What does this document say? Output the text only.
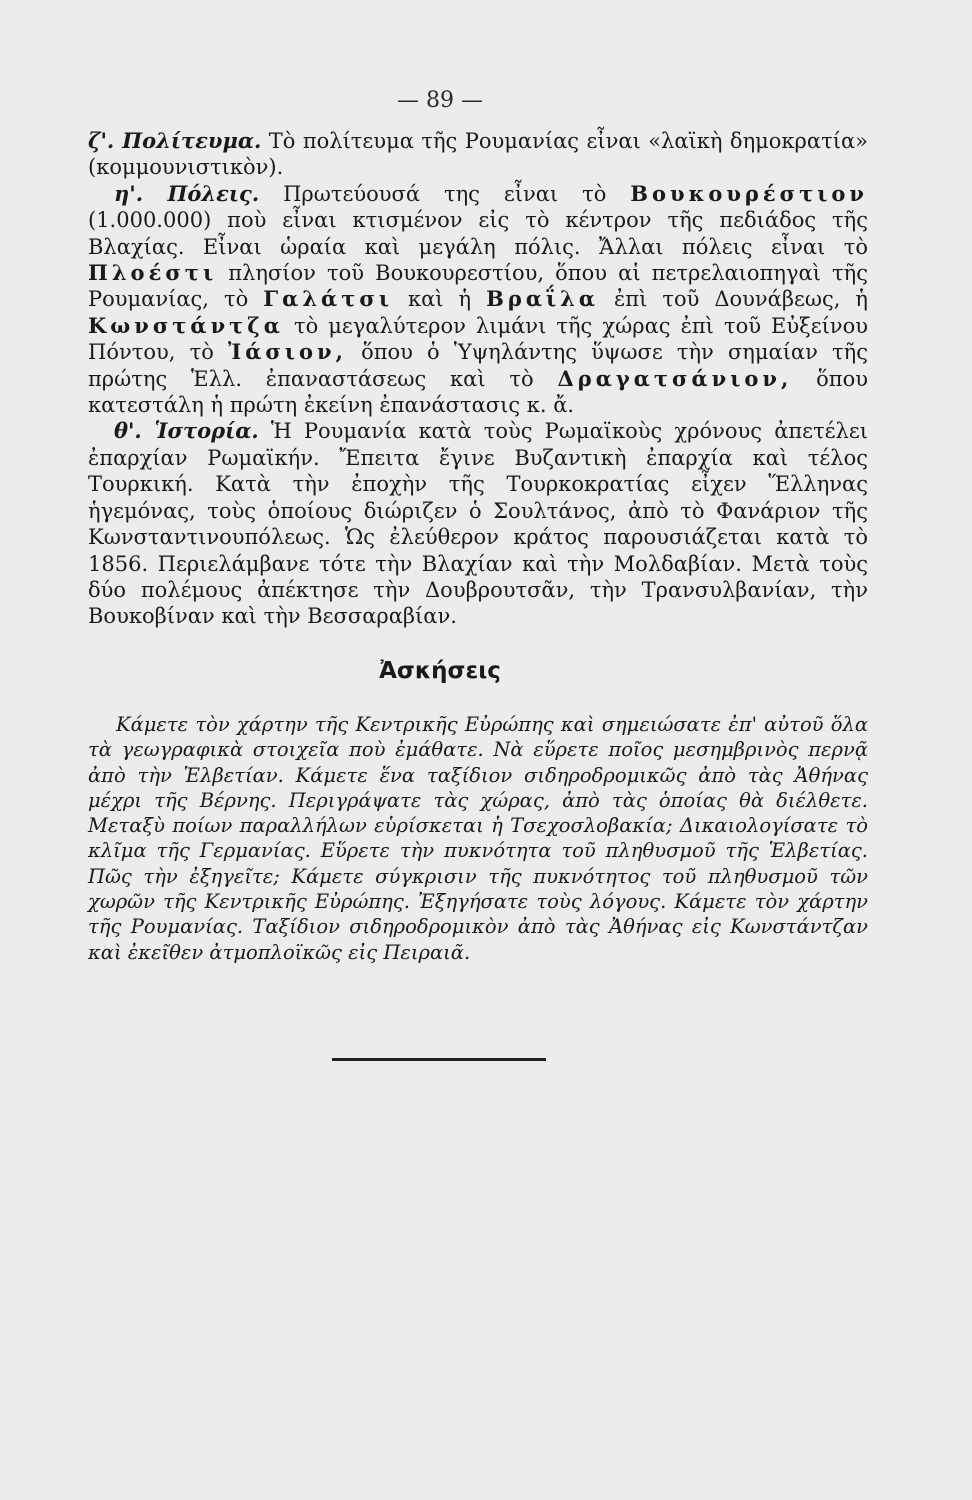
— 89 —

ζ'. Πολίτευμα. Τὸ πολίτευμα τῆς Ρουμανίας εἶναι «λαϊκὴ δημοκρατία» (κομμουνιστικὸν).

η'. Πόλεις. Πρωτεύουσά της εἶναι τὸ Βουκουρέστιον (1.000.000) ποὺ εἶναι κτισμένον εἰς τὸ κέντρον τῆς πεδιάδος τῆς Βλαχίας. Εἶναι ὡραία καὶ μεγάλη πόλις. Ἄλλαι πόλεις εἶναι τὸ Πλοέστι πλησίον τοῦ Βουκουρεστίου, ὅπου αἱ πετρελαιοπηγαὶ τῆς Ρουμανίας, τὸ Γαλάτσι καὶ ἡ Βραΐλα ἐπὶ τοῦ Δουνάβεως, ἡ Κωνστάντζα τὸ μεγαλύτερον λιμάνι τῆς χώρας ἐπὶ τοῦ Εὐξείνου Πόντου, τὸ Ἰάσιον, ὅπου ὁ Ὑψηλάντης ὕψωσε τὴν σημαίαν τῆς πρώτης Ἑλλ. ἐπαναστάσεως καὶ τὸ Δραγατσάνιον, ὅπου κατεστάλη ἡ πρώτη ἐκείνη ἐπανάστασις κ. ἄ.

θ'. Ἱστορία. Ἡ Ρουμανία κατὰ τοὺς Ρωμαϊκοὺς χρόνους ἀπετέλει ἐπαρχίαν Ρωμαϊκήν. Ἔπειτα ἔγινε Βυζαντικὴ ἐπαρχία καὶ τέλος Τουρκική. Κατὰ τὴν ἐποχὴν τῆς Τουρκοκρατίας εἶχεν Ἕλληνας ἡγεμόνας, τοὺς ὁποίους διώριζεν ὁ Σουλτάνος, ἀπὸ τὸ Φανάριον τῆς Κωνσταντινουπόλεως. Ὡς ἐλεύθερον κράτος παρουσιάζεται κατὰ τὸ 1856. Περιελάμβανε τότε τὴν Βλαχίαν καὶ τὴν Μολδαβίαν. Μετὰ τοὺς δύο πολέμους ἀπέκτησε τὴν Δουβρουτσᾶν, τὴν Τρανσυλβανίαν, τὴν Βουκοβίναν καὶ τὴν Βεσσαραβίαν.

Ἀσκήσεις

Κάμετε τὸν χάρτην τῆς Κεντρικῆς Εὐρώπης καὶ σημειώσατε ἐπ' αὐτοῦ ὅλα τὰ γεωγραφικὰ στοιχεῖα ποὺ ἐμάθατε. Νὰ εὕρετε ποῖος μεσημβρινὸς περνᾷ ἀπὸ τὴν Ἑλβετίαν. Κάμετε ἕνα ταξίδιον σιδηροδρομικῶς ἀπὸ τὰς Ἀθήνας μέχρι τῆς Βέρνης. Περιγράψατε τὰς χώρας, ἀπὸ τὰς ὁποίας θὰ διέλθετε. Μεταξὺ ποίων παραλλήλων εὑρίσκεται ἡ Τσεχοσλοβακία; Δικαιολογίσατε τὸ κλῖμα τῆς Γερμανίας. Εὕρετε τὴν πυκνότητα τοῦ πληθυσμοῦ τῆς Ἑλβετίας. Πῶς τὴν ἐξηγεῖτε; Κάμετε σύγκρισιν τῆς πυκνότητος τοῦ πληθυσμοῦ τῶν χωρῶν τῆς Κεντρικῆς Εὐρώπης. Ἐξηγήσατε τοὺς λόγους. Κάμετε τὸν χάρτην τῆς Ρουμανίας. Ταξίδιον σιδηροδρομικὸν ἀπὸ τὰς Ἀθήνας εἰς Κωνστάντζαν καὶ ἐκεῖθεν ἀτμοπλοϊκῶς εἰς Πειραιᾶ.
